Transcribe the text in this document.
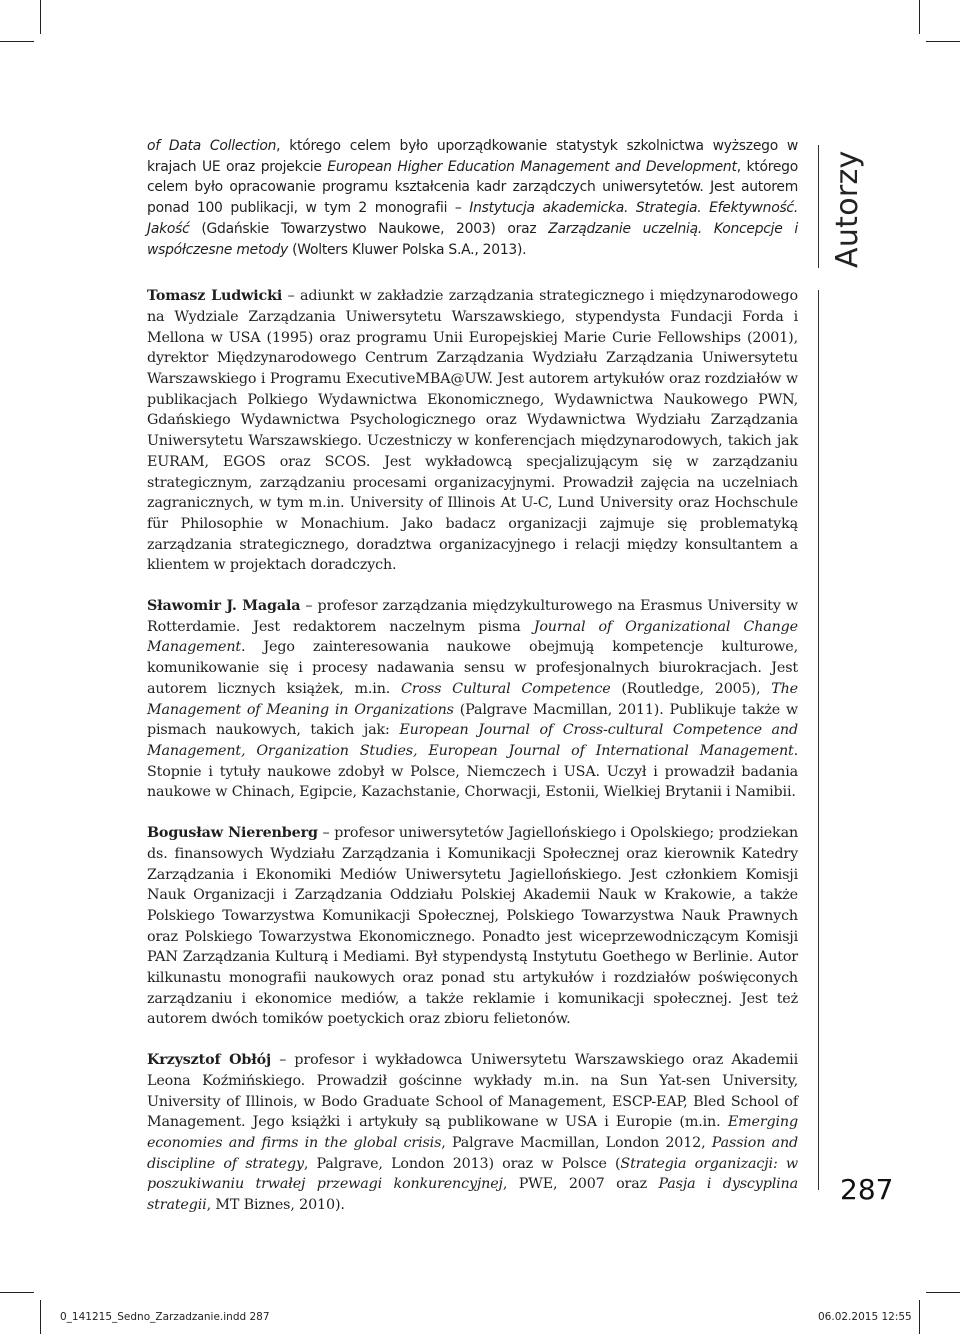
Autorzy
287

of Data Collection, którego celem było uporządkowanie statystyk szkolnictwa wyższego w krajach UE oraz projekcie European Higher Education Management and Development, którego celem było opracowanie programu kształcenia kadr zarządczych uniwersytetów. Jest autorem ponad 100 publikacji, w tym 2 monografii – Instytucja akademicka. Strategia. Efektywność. Jakość (Gdańskie Towarzystwo Naukowe, 2003) oraz Zarządzanie uczelnią. Koncepcje i współczesne metody (Wolters Kluwer Polska S.A., 2013).

Tomasz Ludwicki – adiunkt w zakładzie zarządzania strategicznego i międzynarodowego na Wydziale Zarządzania Uniwersytetu Warszawskiego, stypendysta Fundacji Forda i Mellona w USA (1995) oraz programu Unii Europejskiej Marie Curie Fellowships (2001), dyrektor Międzynarodowego Centrum Zarządzania Wydziału Zarządzania Uniwersytetu Warszawskiego i Programu ExecutiveMBA@UW. Jest autorem artykułów oraz rozdziałów w publikacjach Polkiego Wydawnictwa Ekonomicznego, Wydawnictwa Naukowego PWN, Gdańskiego Wydawnictwa Psychologicznego oraz Wydawnictwa Wydziału Zarządzania Uniwersytetu Warszawskiego. Uczestniczy w konferencjach międzynarodowych, takich jak EURAM, EGOS oraz SCOS. Jest wykładowcą specjalizującym się w zarządzaniu strategicznym, zarządzaniu procesami organizacyjnymi. Prowadził zajęcia na uczelniach zagranicznych, w tym m.in. University of Illinois At U-C, Lund University oraz Hochschule für Philosophie w Monachium. Jako badacz organizacji zajmuje się problematyką zarządzania strategicznego, doradztwa organizacyjnego i relacji między konsultantem a klientem w projektach doradczych.

Sławomir J. Magala – profesor zarządzania międzykulturowego na Erasmus University w Rotterdamie. Jest redaktorem naczelnym pisma Journal of Organizational Change Management. Jego zainteresowania naukowe obejmują kompetencje kulturowe, komunikowanie się i procesy nadawania sensu w profesjonalnych biurokracjach. Jest autorem licznych książek, m.in. Cross Cultural Competence (Routledge, 2005), The Management of Meaning in Organizations (Palgrave Macmillan, 2011). Publikuje także w pismach naukowych, takich jak: European Journal of Cross-cultural Competence and Management, Organization Studies, European Journal of International Management. Stopnie i tytuły naukowe zdobył w Polsce, Niemczech i USA. Uczył i prowadził badania naukowe w Chinach, Egipcie, Kazachstanie, Chorwacji, Estonii, Wielkiej Brytanii i Namibii.

Bogusław Nierenberg – profesor uniwersytetów Jagiellońskiego i Opolskiego; prodziekan ds. finansowych Wydziału Zarządzania i Komunikacji Społecznej oraz kierownik Katedry Zarządzania i Ekonomiki Mediów Uniwersytetu Jagiellońskiego. Jest członkiem Komisji Nauk Organizacji i Zarządzania Oddziału Polskiej Akademii Nauk w Krakowie, a także Polskiego Towarzystwa Komunikacji Społecznej, Polskiego Towarzystwa Nauk Prawnych oraz Polskiego Towarzystwa Ekonomicznego. Ponadto jest wiceprzewodniczącym Komisji PAN Zarządzania Kulturą i Mediami. Był stypendystą Instytutu Goethego w Berlinie. Autor kilkunastu monografii naukowych oraz ponad stu artykułów i rozdziałów poświęconych zarządzaniu i ekonomice mediów, a także reklamie i komunikacji społecznej. Jest też autorem dwóch tomików poetyckich oraz zbioru felietonów.

Krzysztof Obłój – profesor i wykładowca Uniwersytetu Warszawskiego oraz Akademii Leona Koźmińskiego. Prowadził gościnne wykłady m.in. na Sun Yat-sen University, University of Illinois, w Bodo Graduate School of Management, ESCP-EAP, Bled School of Management. Jego książki i artykuły są publikowane w USA i Europie (m.in. Emerging economies and firms in the global crisis, Palgrave Macmillan, London 2012, Passion and discipline of strategy, Palgrave, London 2013) oraz w Polsce (Strategia organizacji: w poszukiwaniu trwałej przewagi konkurencyjnej, PWE, 2007 oraz Pasja i dyscyplina strategii, MT Biznes, 2010).

0_141215_Sedno_Zarzadzanie.indd 287	06.02.2015 12:55
